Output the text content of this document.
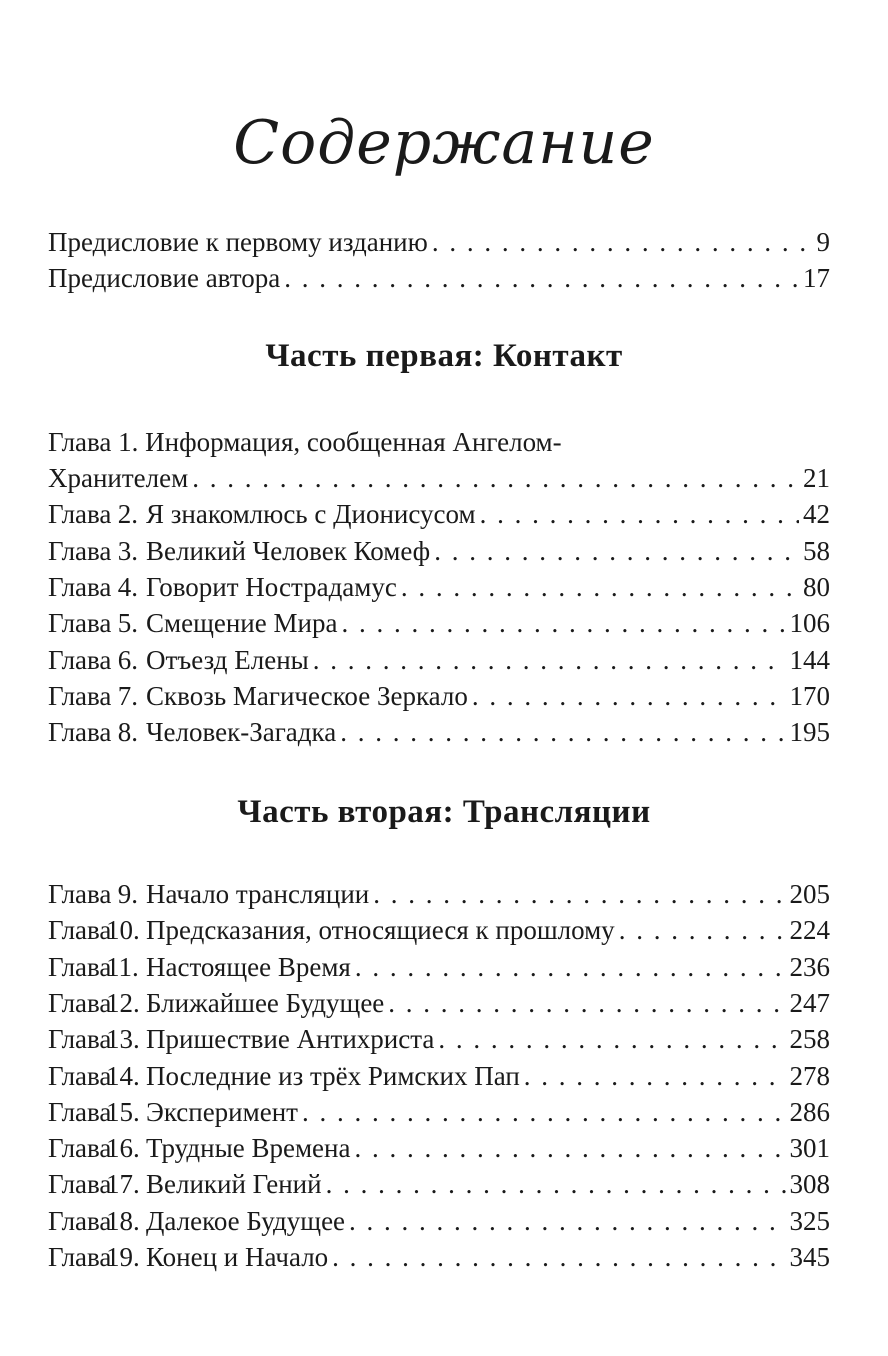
Содержание
Предисловие к первому изданию . . .	9
Предисловие автора . . .	17
Часть первая: Контакт
Глава 1. Информация, сообщенная Ангелом-
Хранителем . . .	21
Глава 2. Я знакомлюсь с Дионисусом . . .	42
Глава 3. Великий Человек Комеф . . .	58
Глава 4. Говорит Нострадамус . . .	80
Глава 5. Смещение Мира . . .	106
Глава 6. Отъезд Елены . . .	144
Глава 7. Сквозь Магическое Зеркало . . .	170
Глава 8. Человек-Загадка . . .	195
Часть вторая: Трансляции
Глава 9. Начало трансляции . . .	205
Глава10. Предсказания, относящиеся к прошлому . . .	224
Глава11. Настоящее Время . . .	236
Глава12. Ближайшее Будущее . . .	247
Глава13. Пришествие Антихриста . . .	258
Глава14. Последние из трёх Римских Пап . . .	278
Глава15. Эксперимент . . .	286
Глава16. Трудные Времена . . .	301
Глава17. Великий Гений . . .	308
Глава18. Далекое Будущее . . .	325
Глава19. Конец и Начало . . .	345
